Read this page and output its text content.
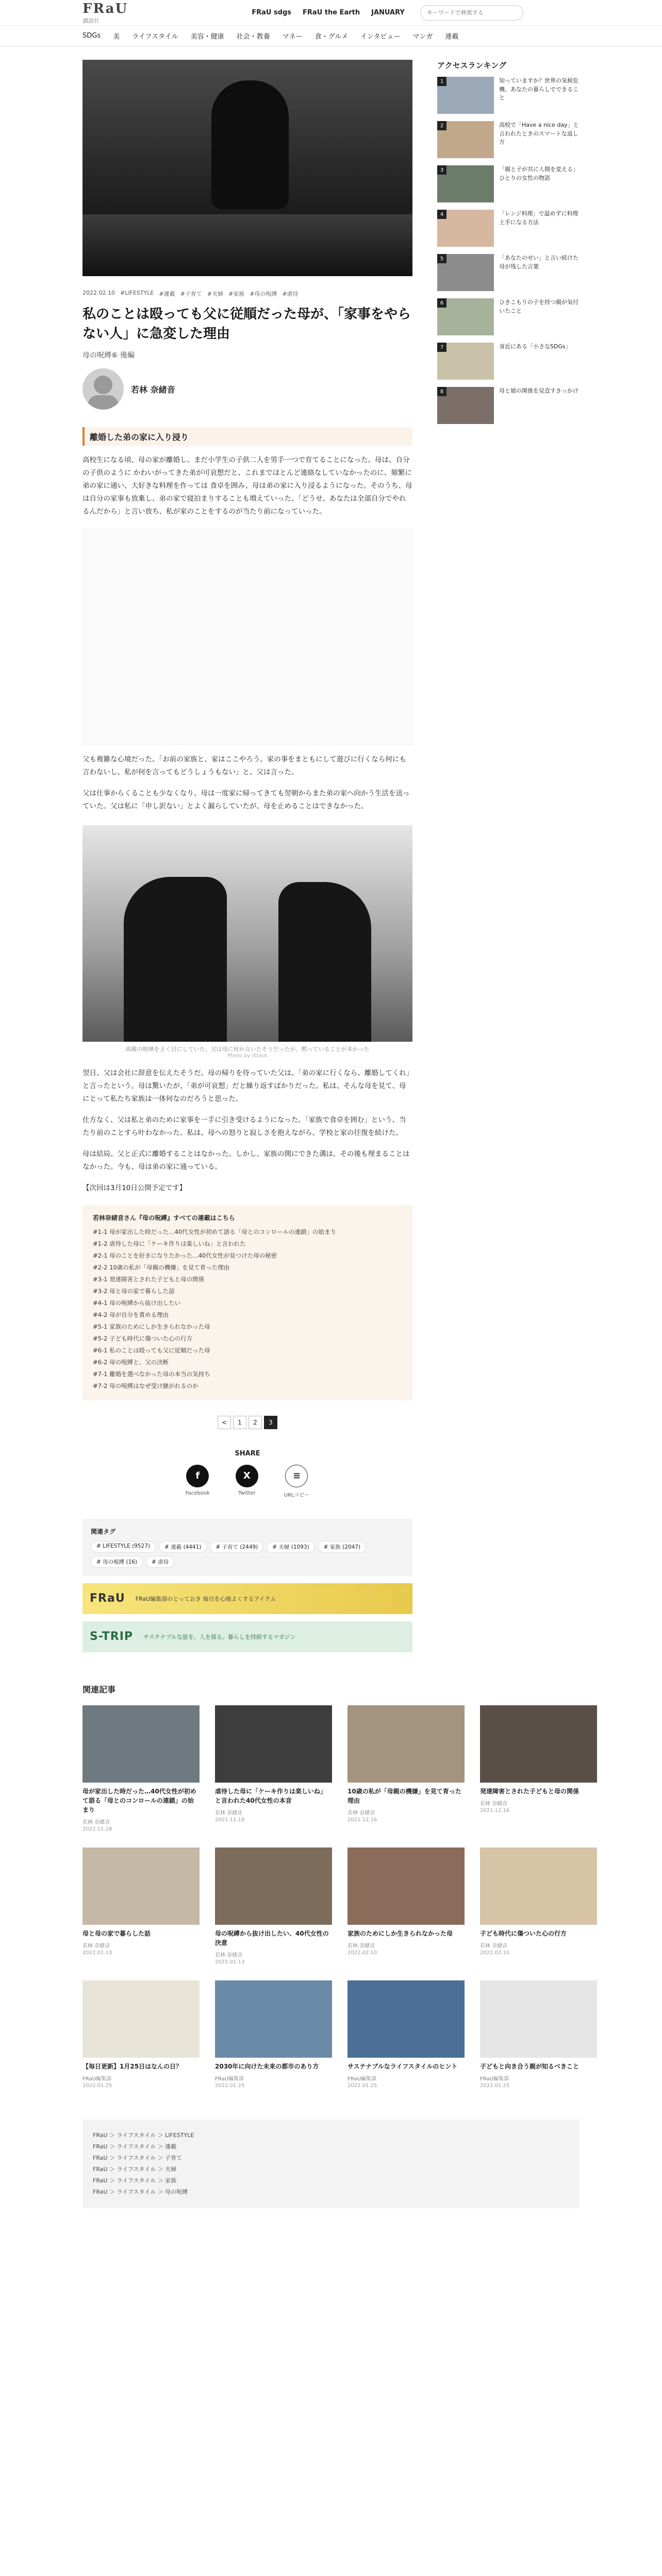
FRaU
講談社
FRaU sdgs FRaU the Earth JANUARY
キーワードで検索する
SDGs 美 ライフスタイル 美容・健康 社会・教養 マネー 食・グルメ インタビュー マンガ 連載
2022.02.10 #LIFESTYLE #連載 #子育て #夫婦 #家族 #母の呪縛 #虐待
私のことは殴っても父に従順だった母が、「家事をやらない人」に急変した理由
母の呪縛⑥ 後編
若林 奈緒音
離婚した弟の家に入り浸り

高校生になる頃、母の家が離婚し、まだ小学生の子供二人を男手一つで育てることになった。母は、自分の子供のように かわいがってきた弟が可哀想だと、これまでほとんど連絡なしていなかったのに、頻繁に弟の家に通い、大好きな料理を作っては 食卓を囲み、母は弟の家に入り浸るようになった。そのうち、母は自分の家事も放棄し、弟の家で寝泊まりすることも増えていった。「どうせ、あなたは全部自分でやれるんだから」と言い放ち、私が家のことをするのが当たり前になっていった。

父も複雑な心境だった。「お前の家族と、家はここやろう。家の事をまともにして遊びに行くなら何にも言わないし、私が何を言ってもどうしょうもない」と、父は言った。

父は仕事からくることも少なくなり、母は一度家に帰ってきても翌朝からまた弟の家へ向かう生活を送っていた。父は私に「申し訳ない」とよく漏らしていたが、母を止めることはできなかった。

両親の喧嘩をよく目にしていた。父は母に何か言いたそうだったが、黙っていることが多かった
Photo by iStock

翌日、父は会社に辞意を伝えたそうだ。母の帰りを待っていた父は、「弟の家に行くなら、離婚してくれ」と言ったという。母は驚いたが、「弟が可哀想」だと繰り返すばかりだった。私は、そんな母を見て、母にとって私たち家族は一体何なのだろうと思った。

仕方なく、父は私と弟のために家事を一手に引き受けるようになった。「家族で食卓を囲む」という、当たり前のことすら叶わなかった。私は、母への怒りと寂しさを抱えながら、学校と家の往復を続けた。

母は結局、父と正式に離婚することはなかった。しかし、家族の間にできた溝は、その後も埋まることはなかった。今も、母は弟の家に通っている。

【次回は3月10日公開予定です】

若林奈緒音さん『母の呪縛』すべての連載はこちら
#1-1 母が家出した時だった…40代女性が初めて語る「母とのコンロールの連鎖」の始まり
#1-2 虐待した母に「ケーキ作りは楽しいね」と言われた
#2-1 母のことを好きになりたかった…40代女性が見つけた母の秘密
#2-2 10歳の私が「母親の機嫌」を見て育った理由
#3-1 発達障害とされた子どもと母の関係
#3-2 母と母の家で暮らした話
#4-1 母の呪縛から抜け出したい
#4-2 母が自分を責める理由
#5-1 家族のためにしか生きられなかった母
#5-2 子ども時代に傷ついた心の行方
#6-1 私のことは殴っても父に従順だった母
#6-2 母の呪縛と、父の決断
#7-1 離婚を選べなかった母の本当の気持ち
#7-2 母の呪縛はなぜ受け継がれるのか
<	1	2	3
SHARE
f
Facebook
X
Twitter
≡
URLコピー
関連タグ
# LIFESTYLE (9527)	# 連載 (4441)	# 子育て (2449)	# 夫婦 (1093)	# 家族 (2047)
# 母の呪縛 (16)	# 虐待
FRaU FRaU編集部のとっておき 毎日を心地よくするアイテム
S-TRIP サステナブルな旅を、人を探る。暮らしを持続するマガジン
アクセスランキング
1	知っていますか？世界の気候危機、あなたの暮らしでできること
2	高校で「Have a nice day」と言われたときのスマートな返し方
3	「親と子が共に人間を変える」ひとりの女性の物語
4	「レンジ料理」で温めずに料理上手になる方法
5	「あなたのせい」と言い続けた母が残した言葉
6	ひきこもりの子を持つ親が気付いたこと
7	身近にある「小さなSDGs」
8	母と娘の関係を見直すきっかけ
関連記事
母が家出した時だった…40代女性が初めて語る「母とのコンロールの連鎖」の始まり
若林 奈緒音
2021.11.18
虐待した母に「ケーキ作りは楽しいね」と言われた40代女性の本音
若林 奈緒音
2021.11.18
10歳の私が「母親の機嫌」を見て育った理由
若林 奈緒音
2021.12.16
発達障害とされた子どもと母の関係
若林 奈緒音
2021.12.16
母と母の家で暮らした話
若林 奈緒音
2022.01.13
母の呪縛から抜け出したい、40代女性の決意
若林 奈緒音
2022.01.13
家族のためにしか生きられなかった母
若林 奈緒音
2022.02.10
子ども時代に傷ついた心の行方
若林 奈緒音
2022.02.10
【毎日更新】1月25日はなんの日？
FRaU編集部
2022.01.25
2030年に向けた未来の都市のあり方
FRaU編集部
2022.01.25
サステナブルなライフスタイルのヒント
FRaU編集部
2022.01.25
子どもと向き合う親が知るべきこと
FRaU編集部
2022.01.25
FRaU ＞ ライフスタイル ＞ LIFESTYLE
FRaU ＞ ライフスタイル ＞ 連載
FRaU ＞ ライフスタイル ＞ 子育て
FRaU ＞ ライフスタイル ＞ 夫婦
FRaU ＞ ライフスタイル ＞ 家族
FRaU ＞ ライフスタイル ＞ 母の呪縛
